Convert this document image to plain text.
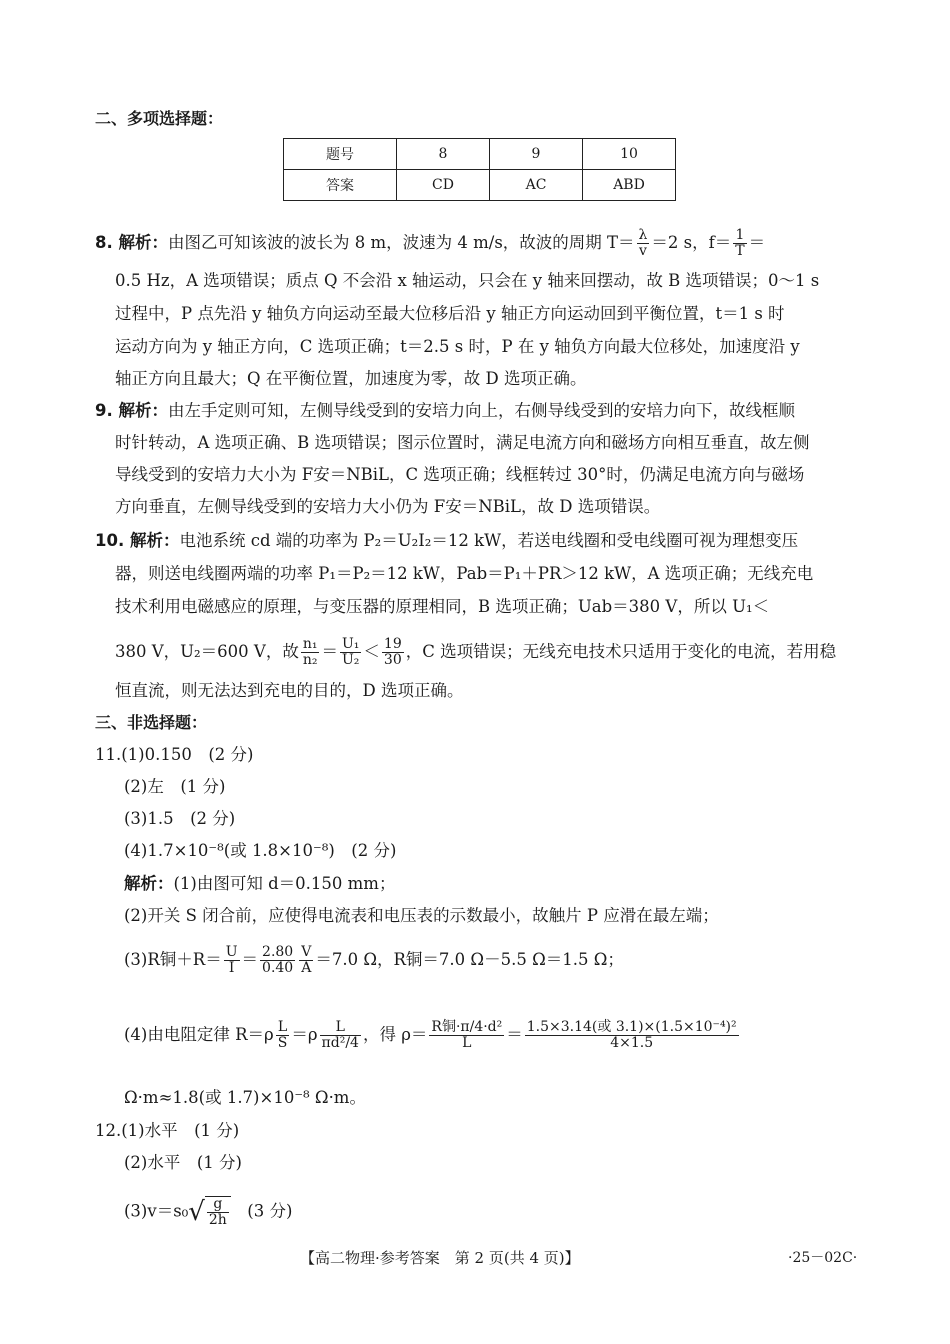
二、多项选择题：
题号	8	9	10
答案	CD	AC	ABD
8. 解析：由图乙可知该波的波长为 8 m，波速为 4 m/s，故波的周期 $T= \frac{\lambda}{v} =2$ s，$f= \frac{1}{T}$ ＝
0.5 Hz，A 选项错误；质点 Q 不会沿 x 轴运动，只会在 y 轴来回摆动，故 B 选项错误；0～1 s
过程中，P 点先沿 y 轴负方向运动至最大位移后沿 y 轴正方向运动回到平衡位置，t＝1 s 时
运动方向为 y 轴正方向，C 选项正确；t＝2.5 s 时，P 在 y 轴负方向最大位移处，加速度沿 y
轴正方向且最大；Q 在平衡位置，加速度为零，故 D 选项正确。
9. 解析：由左手定则可知，左侧导线受到的安培力向上，右侧导线受到的安培力向下，故线框顺
时针转动，A 选项正确、B 选项错误；图示位置时，满足电流方向和磁场方向相互垂直，故左侧
导线受到的安培力大小为 F安＝NBiL，C 选项正确；线框转过 30°时，仍满足电流方向与磁场
方向垂直，左侧导线受到的安培力大小仍为 F安＝NBiL，故 D 选项错误。
10. 解析：电池系统 cd 端的功率为 P₂＝U₂I₂＝12 kW，若送电线圈和受电线圈可视为理想变压
器，则送电线圈两端的功率 P₁＝P₂＝12 kW，Pab＝P₁＋PR＞12 kW，A 选项正确；无线充电
技术利用电磁感应的原理，与变压器的原理相同，B 选项正确；Uab＝380 V，所以 U₁＜
380 V，U₂＝600 V，故 $\frac{\text{n₁}}{\text{n₂}} = \frac{\text{U₁}}{\text{U₂}} < \frac{19}{30}$ ，C 选项错误；无线充电技术只适用于变化的电流，若用稳
恒直流，则无法达到充电的目的，D 选项正确。
三、非选择题：
11.(1)0.150　(2 分)
(2)左　(1 分)
(3)1.5　(2 分)
(4)1.7×10⁻⁸(或 1.8×10⁻⁸)　(2 分)
解析：(1)由图可知 d＝0.150 mm；
(2)开关 S 闭合前，应使得电流表和电压表的示数最小，故触片 P 应滑在最左端；
(3)R铜$+R= \frac{U}{I} = \frac{2.80}{0.40} \frac{V}{A} =7.0$ Ω，R铜＝7.0 Ω－5.5 Ω＝1.5 Ω；
(4)由电阻定律 $R=\rho \frac{L}{S} =\rho \frac{L}{\text{πd²/4}}$ ，得 $\rho= \frac{\text{R铜·π/4·d²}}{L} = \frac{\text{1.5×3.14(或 3.1)×(1.5×10⁻⁴)²}}{4\times 1.5}$
Ω·m≈1.8(或 1.7)×10⁻⁸ Ω·m。
12.(1)水平　(1 分)
(2)水平　(1 分)
$(3)v=s_0√ \frac{g}{2h}$ 　(3 分)
【高二物理·参考答案　第 2 页(共 4 页)】	·25－02C·
